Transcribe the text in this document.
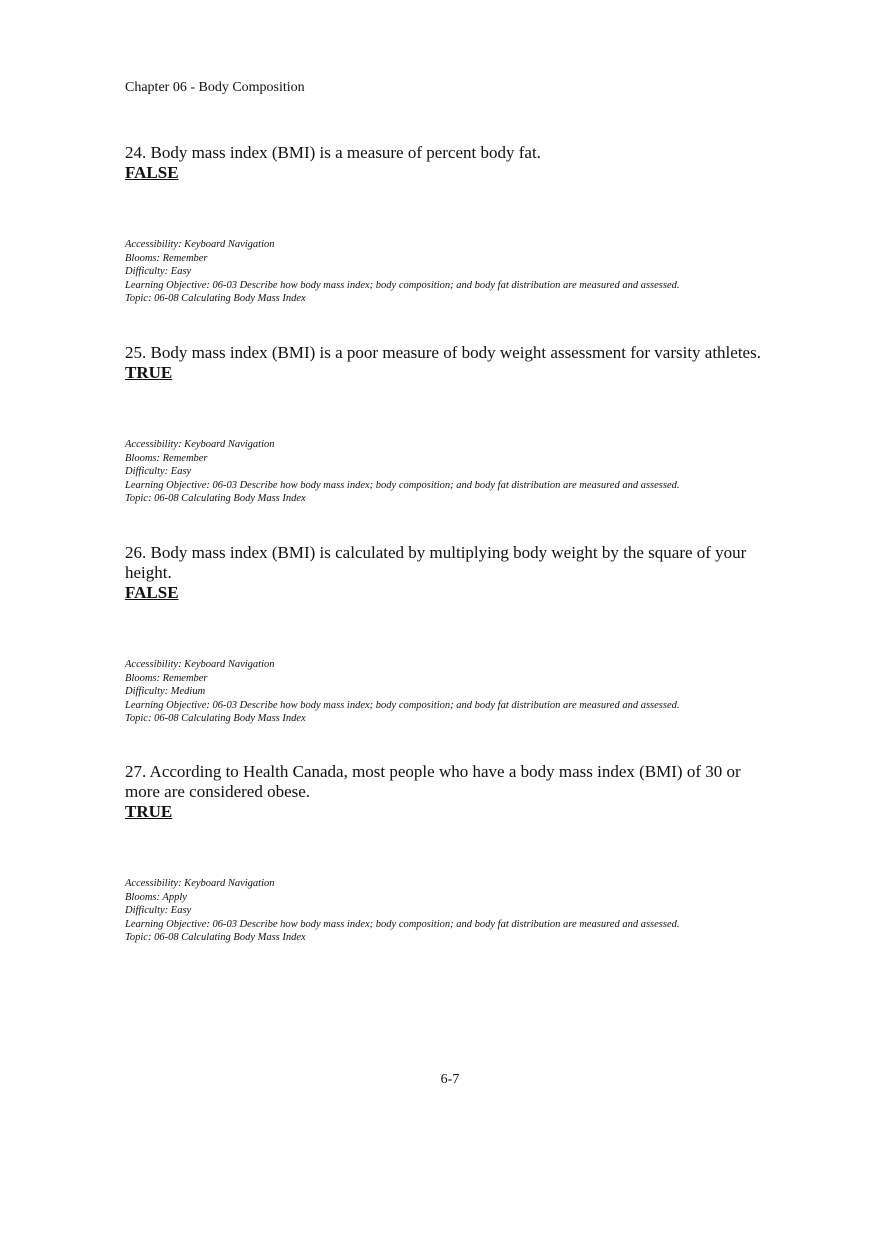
Chapter 06 - Body Composition

24. Body mass index (BMI) is a measure of percent body fat.

FALSE

Accessibility: Keyboard Navigation
Blooms: Remember
Difficulty: Easy
Learning Objective: 06-03 Describe how body mass index; body composition; and body fat distribution are measured and assessed.
Topic: 06-08 Calculating Body Mass Index

25. Body mass index (BMI) is a poor measure of body weight assessment for varsity athletes.

TRUE

Accessibility: Keyboard Navigation
Blooms: Remember
Difficulty: Easy
Learning Objective: 06-03 Describe how body mass index; body composition; and body fat distribution are measured and assessed.
Topic: 06-08 Calculating Body Mass Index

26. Body mass index (BMI) is calculated by multiplying body weight by the square of your height.

FALSE

Accessibility: Keyboard Navigation
Blooms: Remember
Difficulty: Medium
Learning Objective: 06-03 Describe how body mass index; body composition; and body fat distribution are measured and assessed.
Topic: 06-08 Calculating Body Mass Index

27. According to Health Canada, most people who have a body mass index (BMI) of 30 or more are considered obese.

TRUE

Accessibility: Keyboard Navigation
Blooms: Apply
Difficulty: Easy
Learning Objective: 06-03 Describe how body mass index; body composition; and body fat distribution are measured and assessed.
Topic: 06-08 Calculating Body Mass Index
6-7
